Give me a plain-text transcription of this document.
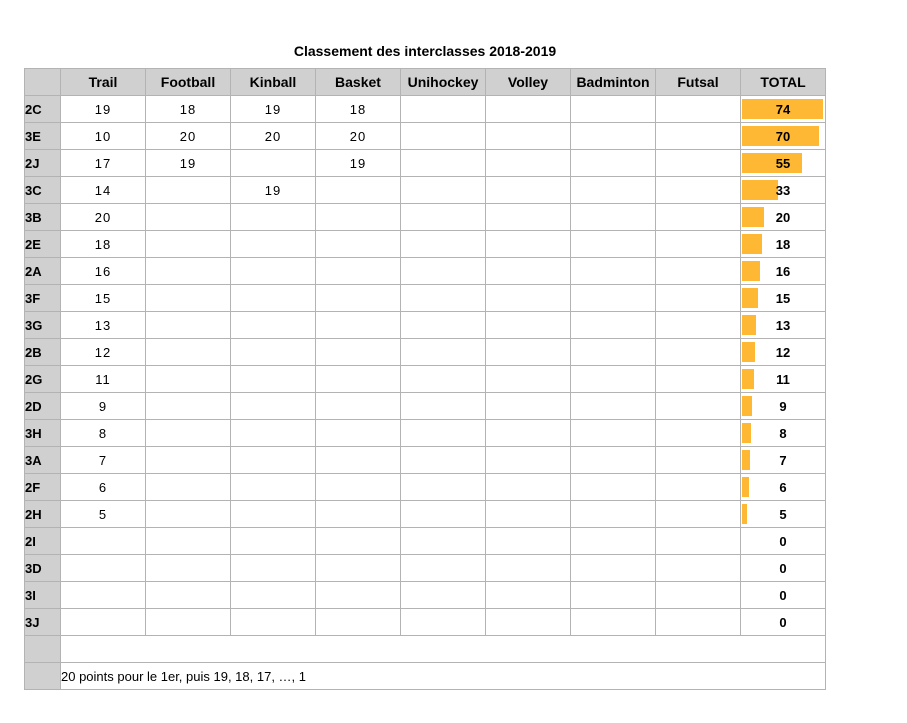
Classement des interclasses 2018-2019
	Trail	Football	Kinball	Basket	Unihockey	Volley	Badminton	Futsal	TOTAL
2C	19	18	19	18					74

3E	10	20	20	20					70

2J	17	19		19					55

3C	14		19						33

3B	20								20

2E	18								18

2A	16								16

3F	15								15

3G	13								13

2B	12								12

2G	11								11

2D	9								9

3H	8								8

3A	7								7

2F	6								6

2H	5								5

2I									0

3D									0

3I									0

3J									0

	20 points pour le 1er, puis 19, 18, 17, …, 1								
